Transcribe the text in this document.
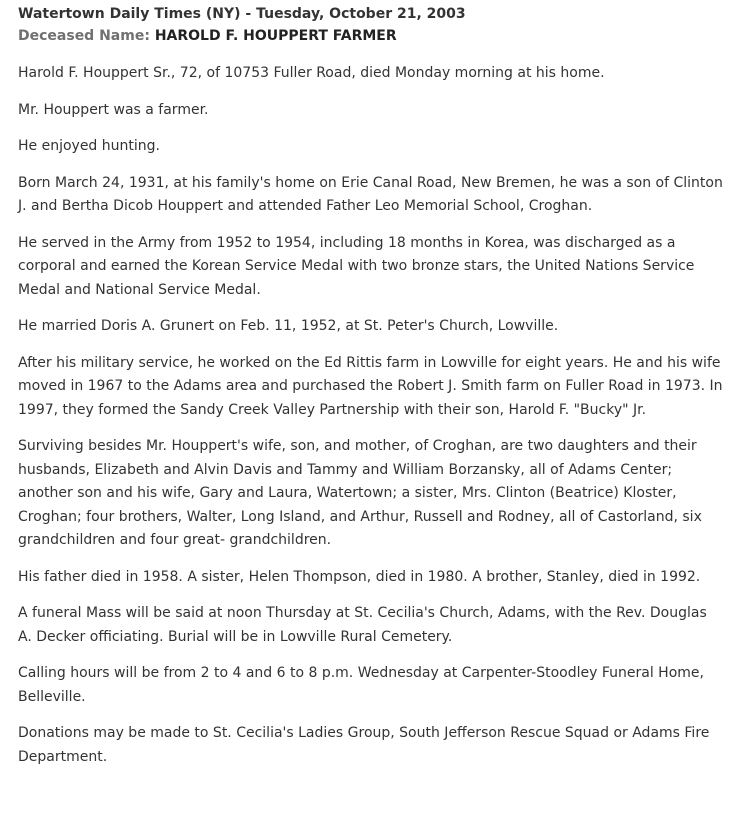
Watertown Daily Times (NY) - Tuesday, October 21, 2003
Deceased Name: HAROLD F. HOUPPERT FARMER

Harold F. Houppert Sr., 72, of 10753 Fuller Road, died Monday morning at his home.

Mr. Houppert was a farmer.

He enjoyed hunting.

Born March 24, 1931, at his family's home on Erie Canal Road, New Bremen, he was a son of Clinton J. and Bertha Dicob Houppert and attended Father Leo Memorial School, Croghan.

He served in the Army from 1952 to 1954, including 18 months in Korea, was discharged as a corporal and earned the Korean Service Medal with two bronze stars, the United Nations Service Medal and National Service Medal.

He married Doris A. Grunert on Feb. 11, 1952, at St. Peter's Church, Lowville.

After his military service, he worked on the Ed Rittis farm in Lowville for eight years. He and his wife moved in 1967 to the Adams area and purchased the Robert J. Smith farm on Fuller Road in 1973. In 1997, they formed the Sandy Creek Valley Partnership with their son, Harold F. "Bucky" Jr.

Surviving besides Mr. Houppert's wife, son, and mother, of Croghan, are two daughters and their husbands, Elizabeth and Alvin Davis and Tammy and William Borzansky, all of Adams Center; another son and his wife, Gary and Laura, Watertown; a sister, Mrs. Clinton (Beatrice) Kloster, Croghan; four brothers, Walter, Long Island, and Arthur, Russell and Rodney, all of Castorland, six grandchildren and four great- grandchildren.

His father died in 1958. A sister, Helen Thompson, died in 1980. A brother, Stanley, died in 1992.

A funeral Mass will be said at noon Thursday at St. Cecilia's Church, Adams, with the Rev. Douglas A. Decker officiating. Burial will be in Lowville Rural Cemetery.

Calling hours will be from 2 to 4 and 6 to 8 p.m. Wednesday at Carpenter-Stoodley Funeral Home, Belleville.

Donations may be made to St. Cecilia's Ladies Group, South Jefferson Rescue Squad or Adams Fire Department.
